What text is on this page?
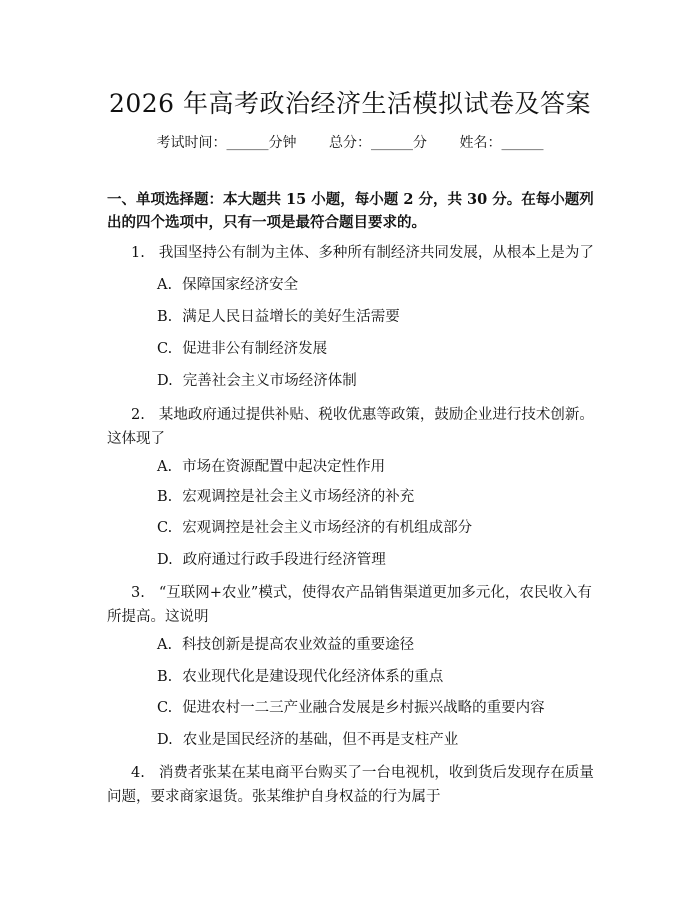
2026 年高考政治经济生活模拟试卷及答案
考试时间：______分钟 总分：______分 姓名：______
一、单项选择题：本大题共 15 小题，每小题 2 分，共 30 分。在每小题列出的四个选项中，只有一项是最符合题目要求的。
1. 我国坚持公有制为主体、多种所有制经济共同发展，从根本上是为了
A. 保障国家经济安全
B. 满足人民日益增长的美好生活需要
C. 促进非公有制经济发展
D. 完善社会主义市场经济体制
2. 某地政府通过提供补贴、税收优惠等政策，鼓励企业进行技术创新。这体现了
A. 市场在资源配置中起决定性作用
B. 宏观调控是社会主义市场经济的补充
C. 宏观调控是社会主义市场经济的有机组成部分
D. 政府通过行政手段进行经济管理
3. “互联网+农业”模式，使得农产品销售渠道更加多元化，农民收入有所提高。这说明
A. 科技创新是提高农业效益的重要途径
B. 农业现代化是建设现代化经济体系的重点
C. 促进农村一二三产业融合发展是乡村振兴战略的重要内容
D. 农业是国民经济的基础，但不再是支柱产业
4. 消费者张某在某电商平台购买了一台电视机，收到货后发现存在质量问题，要求商家退货。张某维护自身权益的行为属于
